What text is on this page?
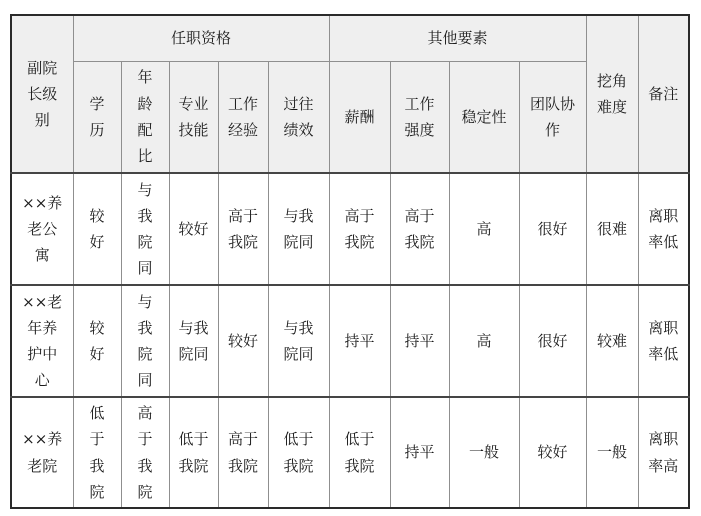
副院长级别	任职资格					其他要素				挖角难度	备注
	学历	年龄配比	专业技能	工作经验	过往绩效	薪酬	工作强度	稳定性	团队协作		
××养老公寓	较好	与我院同	较好	高于我院	与我院同	高于我院	高于我院	高	很好	很难	离职率低
××老年养护中心	较好	与我院同	与我院同	较好	与我院同	持平	持平	高	很好	较难	离职率低
××养老院	低于我院	高于我院	低于我院	高于我院	低于我院	低于我院	持平	一般	较好	一般	离职率高
